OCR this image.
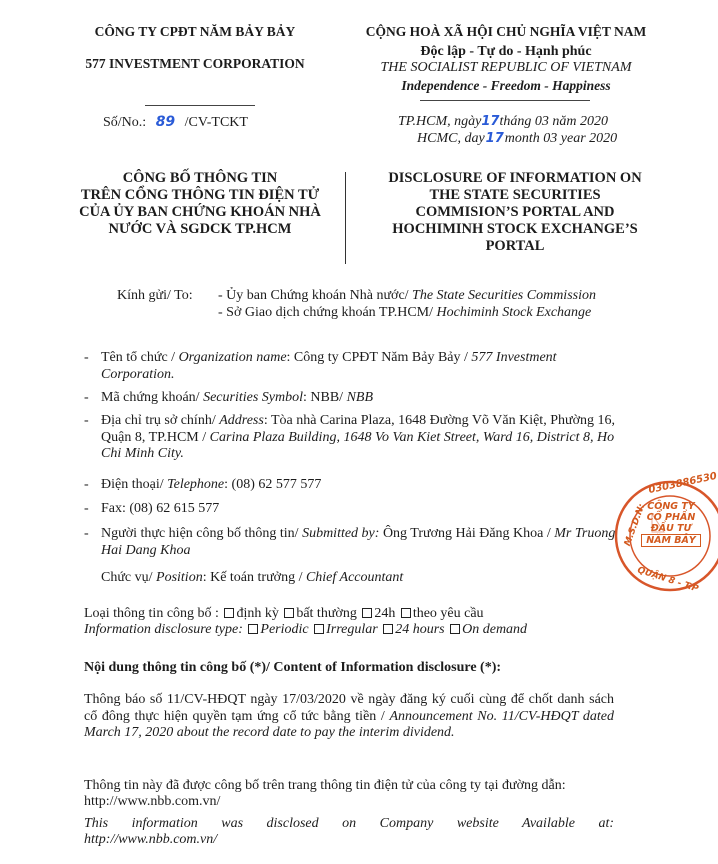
CÔNG TY CPĐT NĂM BẢY BẢY
577 INVESTMENT CORPORATION
Số/No.: 89 /CV-TCKT
CỘNG HOÀ XÃ HỘI CHỦ NGHĨA VIỆT NAM
Độc lập - Tự do - Hạnh phúc
THE SOCIALIST REPUBLIC OF VIETNAM
Independence - Freedom - Happiness
TP.HCM, ngày17tháng 03 năm 2020
HCMC, day17month 03 year 2020
CÔNG BỐ THÔNG TIN
TRÊN CỔNG THÔNG TIN ĐIỆN TỬ
CỦA ỦY BAN CHỨNG KHOÁN NHÀ
NƯỚC VÀ SGDCK TP.HCM
DISCLOSURE OF INFORMATION ON
THE STATE SECURITIES
COMMISION’S PORTAL AND
HOCHIMINH STOCK EXCHANGE’S
PORTAL
Kính gửi/ To: - Ủy ban Chứng khoán Nhà nước/ The State Securities Commission
- Sở Giao dịch chứng khoán TP.HCM/ Hochiminh Stock Exchange
- Tên tổ chức / Organization name: Công ty CPĐT Năm Bảy Bảy / 577 Investment Corporation.
- Mã chứng khoán/ Securities Symbol: NBB/ NBB
- Địa chỉ trụ sở chính/ Address: Tòa nhà Carina Plaza, 1648 Đường Võ Văn Kiệt, Phường 16, Quận 8, TP.HCM / Carina Plaza Building, 1648 Vo Van Kiet Street, Ward 16, District 8, Ho Chi Minh City.
- Điện thoại/ Telephone: (08) 62 577 577
- Fax: (08) 62 615 577
- Người thực hiện công bố thông tin/ Submitted by: Ông Trương Hải Đăng Khoa / Mr Truong Hai Dang Khoa
Chức vụ/ Position: Kế toán trưởng / Chief Accountant
0303886530
M.S.D.N: CÔNG TY
CỔ PHẦN
ĐẦU TƯ
NĂM BẢY
QUẬN 8 - T.P
Loại thông tin công bố : định kỳ bất thường 24h theo yêu cầu
Information disclosure type: Periodic Irregular 24 hours On demand
Nội dung thông tin công bố (*)/ Content of Information disclosure (*):
Thông báo số 11/CV-HĐQT ngày 17/03/2020 về ngày đăng ký cuối cùng để chốt danh sách cổ đông thực hiện quyền tạm ứng cổ tức bằng tiền / Announcement No. 11/CV-HĐQT dated March 17, 2020 about the record date to pay the interim dividend.
Thông tin này đã được công bố trên trang thông tin điện tử của công ty tại đường dẫn:
http://www.nbb.com.vn/
This information was disclosed on Company website Available at:
http://www.nbb.com.vn/
